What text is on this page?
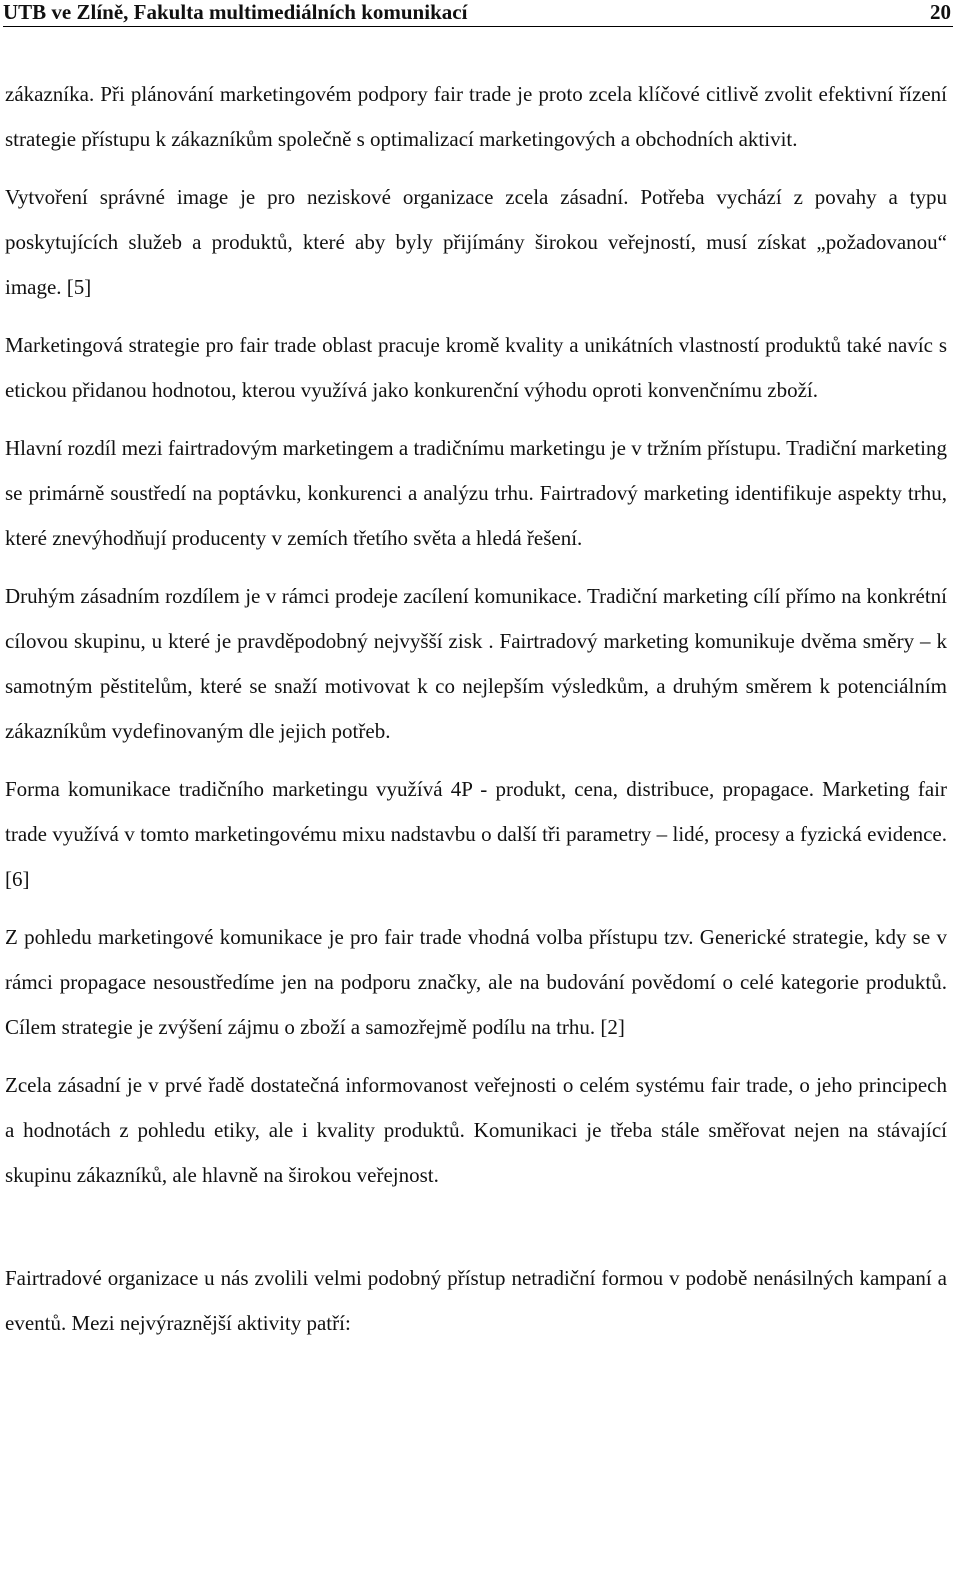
UTB ve Zlíně, Fakulta multimediálních komunikací	20

zákazníka. Při plánování marketingovém podpory fair trade je proto zcela klíčové citlivě zvolit efektivní řízení strategie přístupu k zákazníkům společně s optimalizací marketingových a obchodních aktivit.

Vytvoření správné image je pro neziskové organizace zcela zásadní. Potřeba vychází z povahy a typu poskytujících služeb a produktů, které aby byly přijímány širokou veřejností, musí získat „požadovanou“ image. [5]

Marketingová strategie pro fair trade oblast pracuje kromě kvality a unikátních vlastností produktů také navíc s etickou přidanou hodnotou, kterou využívá jako konkurenční výhodu oproti konvenčnímu zboží.

Hlavní rozdíl mezi fairtradovým marketingem a tradičnímu marketingu je v tržním přístupu. Tradiční marketing se primárně soustředí na poptávku, konkurenci a analýzu trhu. Fairtradový marketing identifikuje aspekty trhu, které znevýhodňují producenty v zemích třetího světa a hledá řešení.

Druhým zásadním rozdílem je v rámci prodeje zacílení komunikace. Tradiční marketing cílí přímo na konkrétní cílovou skupinu, u které je pravděpodobný nejvyšší zisk . Fairtradový marketing komunikuje dvěma směry – k samotným pěstitelům, které se snaží motivovat k co nejlepším výsledkům, a druhým směrem k potenciálním zákazníkům vydefinovaným dle jejich potřeb.

Forma komunikace tradičního marketingu využívá 4P - produkt, cena, distribuce, propagace. Marketing fair trade využívá v tomto marketingovému mixu nadstavbu o další tři parametry – lidé, procesy a fyzická evidence. [6]

Z pohledu marketingové komunikace je pro fair trade vhodná volba přístupu tzv. Generické strategie, kdy se v rámci propagace nesoustředíme jen na podporu značky, ale na budování povědomí o celé kategorie produktů. Cílem strategie je zvýšení zájmu o zboží a samozřejmě podílu na trhu. [2]

Zcela zásadní je v prvé řadě dostatečná informovanost veřejnosti o celém systému fair trade, o jeho principech a hodnotách z pohledu etiky, ale i kvality produktů. Komunikaci je třeba stále směřovat nejen na stávající skupinu zákazníků, ale hlavně na širokou veřejnost.

Fairtradové organizace u nás zvolili velmi podobný přístup netradiční formou v podobě nenásilných kampaní a eventů. Mezi nejvýraznější aktivity patří:
